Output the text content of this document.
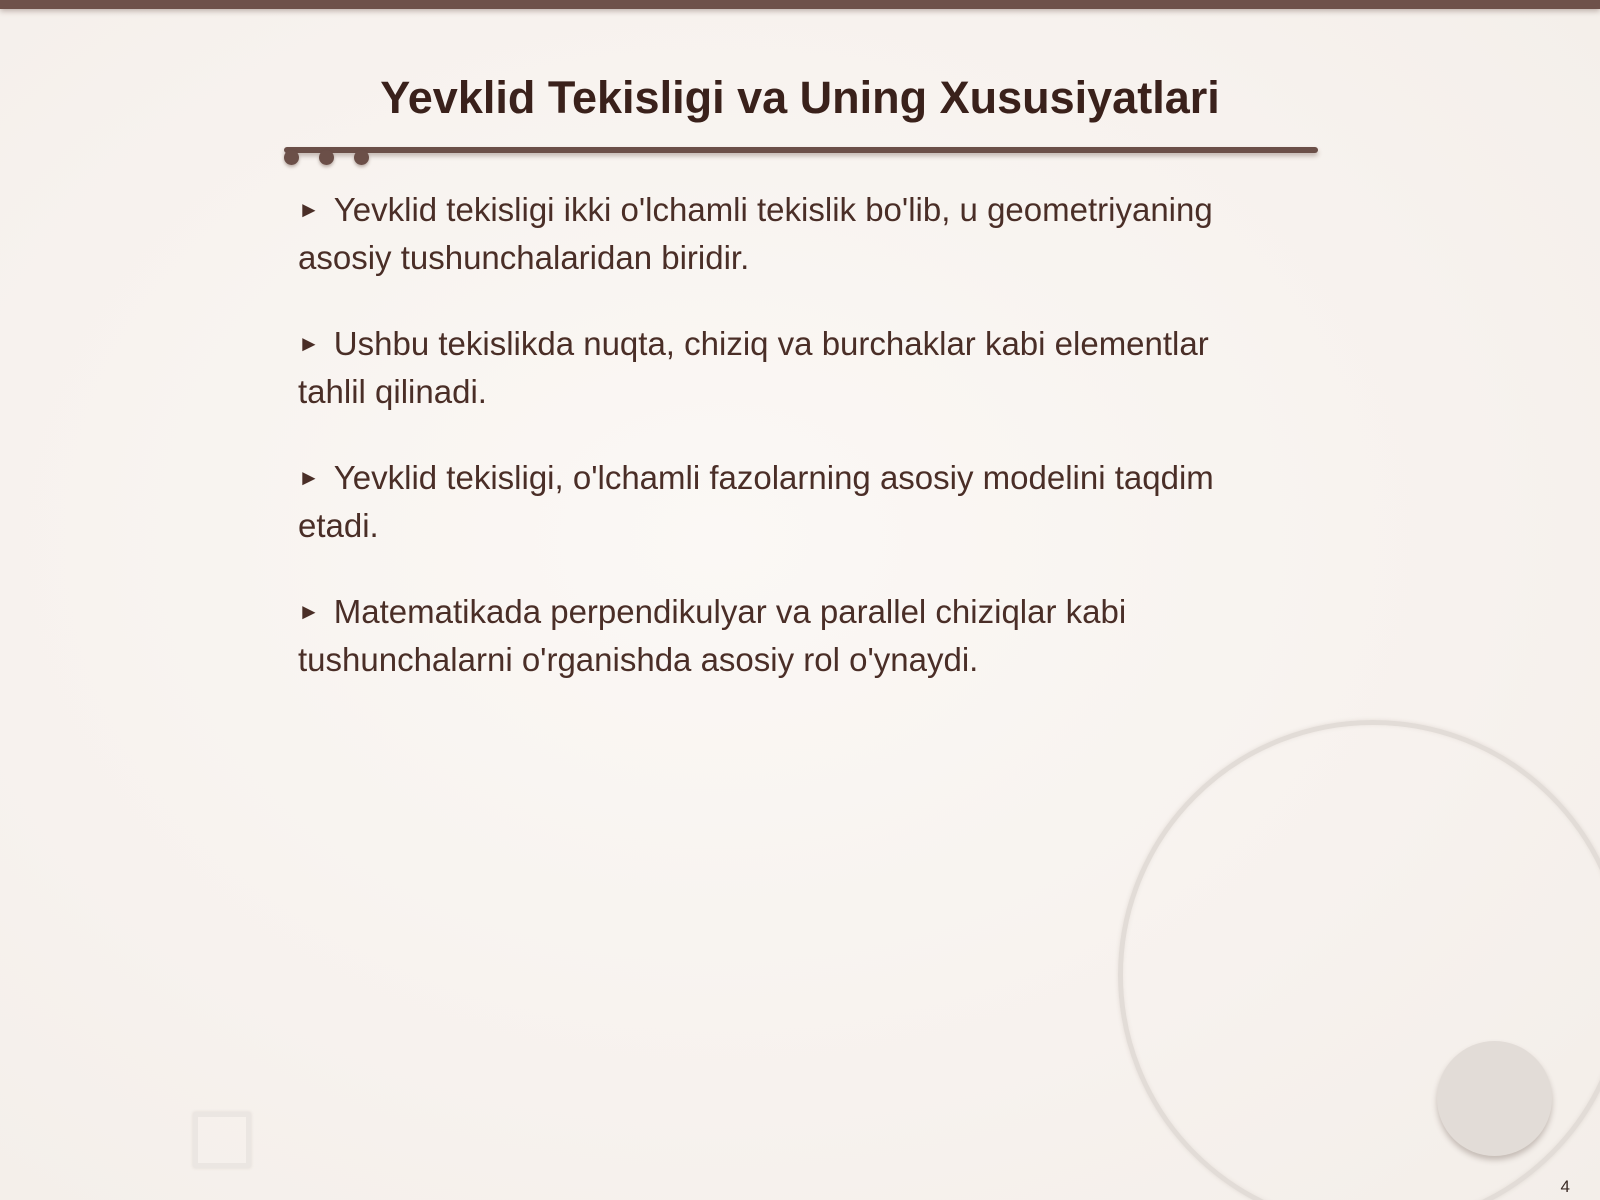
Yevklid Tekisligi va Uning Xususiyatlari
► Yevklid tekisligi ikki o'lchamli tekislik bo'lib, u geometriyaning asosiy tushunchalaridan biridir.
► Ushbu tekislikda nuqta, chiziq va burchaklar kabi elementlar tahlil qilinadi.
► Yevklid tekisligi, o'lchamli fazolarning asosiy modelini taqdim etadi.
► Matematikada perpendikulyar va parallel chiziqlar kabi tushunchalarni o'rganishda asosiy rol o'ynaydi.
4
